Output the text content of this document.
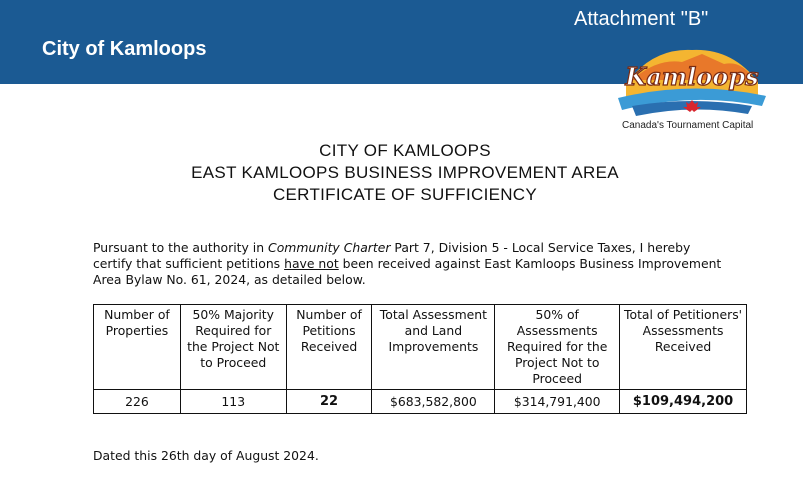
City of Kamloops
Attachment "B"
Kamloops
Canada's Tournament Capital
CITY OF KAMLOOPS
EAST KAMLOOPS BUSINESS IMPROVEMENT AREA
CERTIFICATE OF SUFFICIENCY
Pursuant to the authority in Community Charter Part 7, Division 5 - Local Service Taxes, I hereby certify that sufficient petitions have not been received against East Kamloops Business Improvement Area Bylaw No. 61, 2024, as detailed below.
Number of Properties	50% Majority Required for the Project Not to Proceed	Number of Petitions Received	Total Assessment and Land Improvements	50% of Assessments Required for the Project Not to Proceed	Total of Petitioners' Assessments Received
226	113	22	$683,582,800	$314,791,400	$109,494,200
Dated this 26th day of August 2024.
